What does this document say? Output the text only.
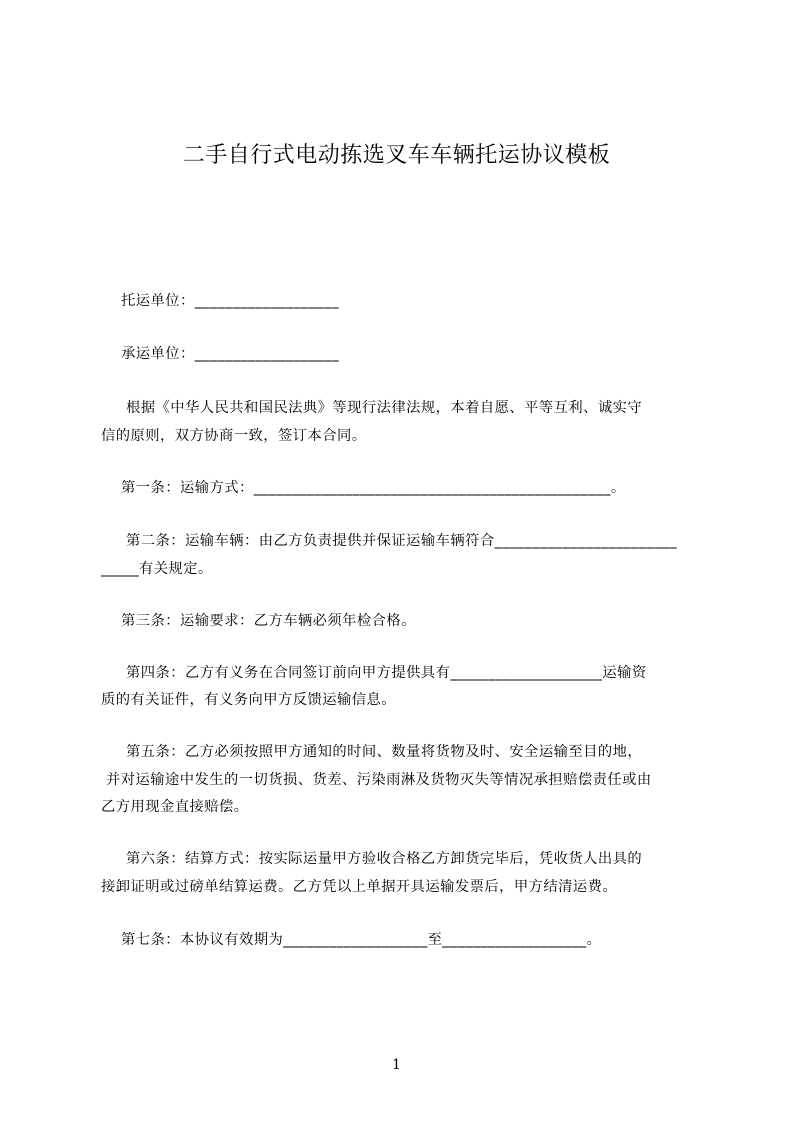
二手自行式电动拣选叉车车辆托运协议模板
托运单位：___________________
承运单位：___________________
根据《中华人民共和国民法典》等现行法律法规，本着自愿、平等互利、诚实守
信的原则，双方协商一致，签订本合同。
第一条：运输方式：_______________________________________________。
第二条：运输车辆：由乙方负责提供并保证运输车辆符合________________________
_____有关规定。
第三条：运输要求：乙方车辆必须年检合格。
第四条：乙方有义务在合同签订前向甲方提供具有____________________运输资
质的有关证件，有义务向甲方反馈运输信息。
第五条：乙方必须按照甲方通知的时间、数量将货物及时、安全运输至目的地，
并对运输途中发生的一切货损、货差、污染雨淋及货物灭失等情况承担赔偿责任或由
乙方用现金直接赔偿。
第六条：结算方式：按实际运量甲方验收合格乙方卸货完毕后，凭收货人出具的
接卸证明或过磅单结算运费。乙方凭以上单据开具运输发票后，甲方结清运费。
第七条：本协议有效期为___________________至___________________。
1
